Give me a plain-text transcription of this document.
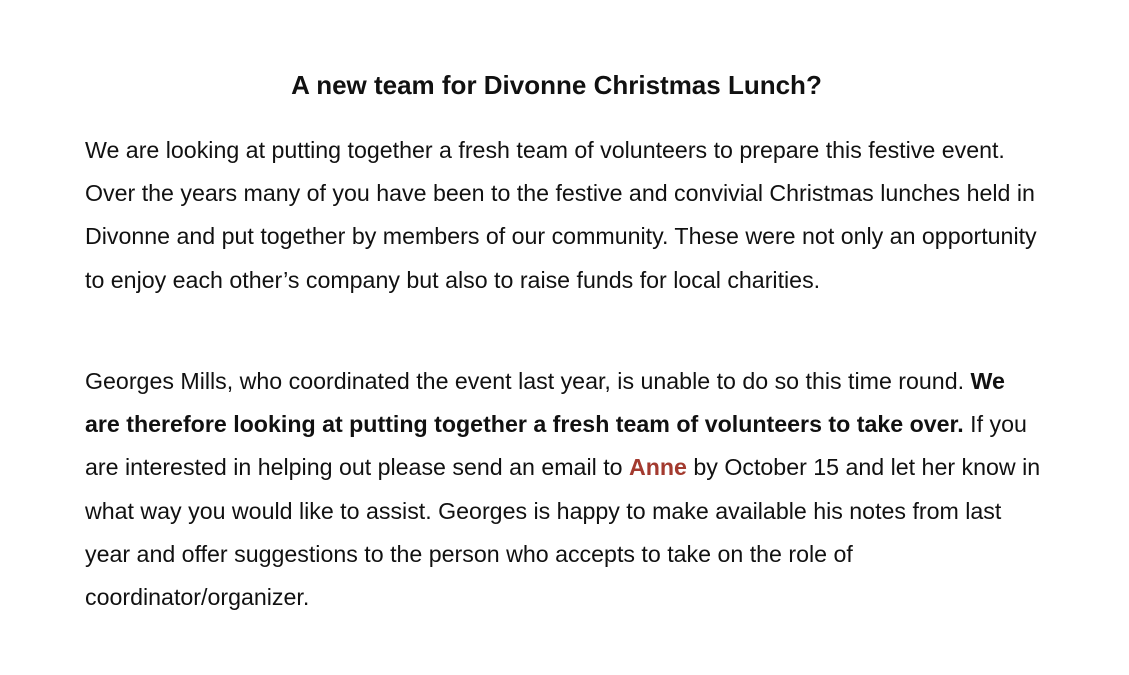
A new team for Divonne Christmas Lunch?

We are looking at putting together a fresh team of volunteers to prepare this festive event. Over the years many of you have been to the festive and convivial Christmas lunches held in Divonne and put together by members of our community. These were not only an opportunity to enjoy each other’s company but also to raise funds for local charities.

Georges Mills, who coordinated the event last year, is unable to do so this time round. We are therefore looking at putting together a fresh team of volunteers to take over. If you are interested in helping out please send an email to Anne by October 15 and let her know in what way you would like to assist. Georges is happy to make available his notes from last year and offer suggestions to the person who accepts to take on the role of coordinator/organizer.
